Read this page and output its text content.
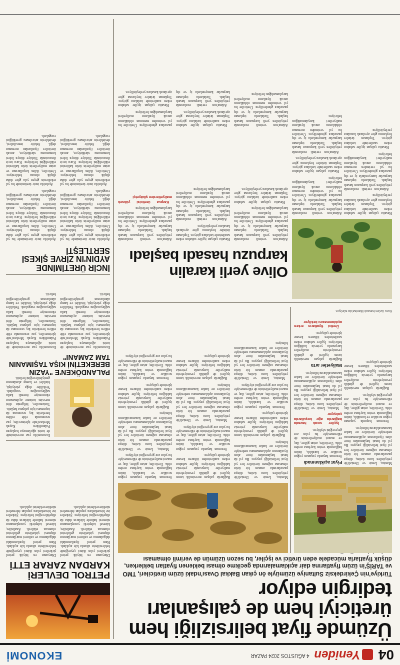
04
Yeniden
4 AĞUSTOS 2024 PAZAR
EKONOMİ
Üzümde fiyat belirsizliği hem üreticiyi hem de çalışanları tedirgin ediyor
Türkiye'nin Çekirdeksiz Sultaniye üzümüyle ön çıkan Bakkal Ovası'ndaki üzüm üreticileri, TMO ve TARİŞ'in üzüm fiyatlarına dair açıklamalarında gecikme olması beklenen fiyatları beklerken, düşük fiyatlarla mücadele eden üretici ve işçiler, bu sezon üzümün de verimli olmaması

Manisa, İzmir ve Denizli'de yetiştirilen kuru üzüm, dünya pazarlarında aranan bir ürün olmasına rağmen üreticiler her yıl fiyat belirsizliği yaşıyor. Bu yıl da hasat başlamadan önce alım fiyatlarının açıklanmaması nedeniyle üreticiler ne kadar kazanacaklarını bilmiyor.

Sezonun başında yaşanan yoğun sıcaklar ve kuraklık, üzüm bağlarında verim kaybına neden oldu. Üreticiler, artan gübre, ilaç ve mazot maliyetlerinin de eklenmesiyle bu yılın zor geçeceğini söylüyor.

Bağlarda çalışan mevsimlik tarım işçileri de günlük yevmiyelerin maliyetler karşısında yetersiz kaldığını belirtiyor. İşçiler sabahın erken saatlerinden itibaren kesme işlerinde çalışıyor.

Fiyat açıklanmadı

Sezonun başında yaşanan yoğun sıcaklar ve kuraklık, üzüm bağlarında verim kaybına neden oldu. Üreticiler, artan gübre, ilaç ve mazot maliyetlerinin de eklenmesiyle bu yılın zor geçeceğini söylüyor.

İşçiler sıcak havada bağlarda ağır koşullarda çalışıyor

Manisa, İzmir ve Denizli'de yetiştirilen kuru üzüm, dünya pazarlarında aranan bir ürün olmasına rağmen üreticiler her yıl fiyat belirsizliği yaşıyor. Bu yıl da hasat başlamadan önce alım fiyatlarının açıklanmaması nedeniyle üreticiler ne kadar kazanacaklarını bilmiyor.

Maliyetler arttı

Bağlarda çalışan mevsimlik tarım işçileri de günlük yevmiyelerin maliyetler karşısında yetersiz kaldığını belirtiyor. İşçiler sabahın erken saatlerinden itibaren kesme işlerinde çalışıyor.

Üretici fiyatların erken açıklanmasını bekliyor

Kuru üzüm hasadı Manisa'da sürüyor.

Manisa, İzmir ve Denizli'de yetiştirilen kuru üzüm, dünya pazarlarında aranan bir ürün olmasına rağmen üreticiler her yıl fiyat belirsizliği yaşıyor. Bu yıl da hasat başlamadan önce alım fiyatlarının açıklanmaması nedeniyle üreticiler ne kadar kazanacaklarını bilmiyor.

Bağlarda çalışan mevsimlik tarım işçileri de günlük yevmiyelerin maliyetler karşısında yetersiz kaldığını belirtiyor. İşçiler sabahın erken saatlerinden itibaren kesme işlerinde çalışıyor.

Sezonun başında yaşanan yoğun sıcaklar ve kuraklık, üzüm bağlarında verim kaybına neden oldu. Üreticiler, artan gübre, ilaç ve mazot maliyetlerinin de eklenmesiyle bu yılın zor geçeceğini söylüyor.

Manisa, İzmir ve Denizli'de yetiştirilen kuru üzüm, dünya pazarlarında aranan bir ürün olmasına rağmen üreticiler her yıl fiyat belirsizliği yaşıyor. Bu yıl da hasat başlamadan önce alım fiyatlarının açıklanmaması nedeniyle üreticiler ne kadar kazanacaklarını bilmiyor.

Bağlarda çalışan mevsimlik tarım işçileri de günlük yevmiyelerin maliyetler karşısında yetersiz kaldığını belirtiyor. İşçiler sabahın erken saatlerinden itibaren kesme işlerinde çalışıyor.

Sezonun başında yaşanan yoğun sıcaklar ve kuraklık, üzüm bağlarında verim kaybına neden oldu. Üreticiler, artan gübre, ilaç ve mazot maliyetlerinin de eklenmesiyle bu yılın zor geçeceğini söylüyor.

Manisa, İzmir ve Denizli'de yetiştirilen kuru üzüm, dünya pazarlarında aranan bir ürün olmasına rağmen üreticiler her yıl fiyat belirsizliği yaşıyor. Bu yıl da hasat başlamadan önce alım fiyatlarının açıklanmaması nedeniyle üreticiler ne kadar kazanacaklarını bilmiyor.

Bağlarda çalışan mevsimlik tarım işçileri de günlük yevmiyelerin maliyetler karşısında yetersiz kaldığını belirtiyor. İşçiler sabahın erken saatlerinden itibaren kesme işlerinde çalışıyor.

Sezonun başında yaşanan yoğun sıcaklar ve kuraklık, üzüm bağlarında verim kaybına neden oldu. Üreticiler, artan gübre, ilaç ve mazot maliyetlerinin de eklenmesiyle bu yılın zor geçeceğini söylüyor.

Manisa, İzmir ve Denizli'de yetiştirilen kuru üzüm, dünya pazarlarında aranan bir ürün olmasına rağmen üreticiler her yıl fiyat belirsizliği yaşıyor. Bu yıl da hasat başlamadan önce alım fiyatlarının açıklanmaması nedeniyle üreticiler ne kadar kazanacaklarını bilmiyor.

Bağlarda çalışan mevsimlik tarım işçileri de günlük yevmiyelerin maliyetler karşısında yetersiz kaldığını belirtiyor. İşçiler sabahın erken saatlerinden itibaren kesme işlerinde çalışıyor.

Sezonun başında yaşanan yoğun sıcaklar ve kuraklık, üzüm bağlarında verim kaybına neden oldu. Üreticiler, artan gübre, ilaç ve mazot maliyetlerinin de eklenmesiyle bu yılın zor geçeceğini söylüyor.

PETROL DEVLERİ KARDAN ZARAR ETTİ

Dünyanın en büyük petrol şirketleri yılın ikinci çeyreğinde beklentilerin altında kâr açıkladı. Ham petrol fiyatlarındaki dalgalanma ve rafineri marjlarının düşmesi şirketlerin gelirlerini olumsuz etkiledi. Analistler, küresel talepteki yavaşlamanın sürmesi halinde kârların daha da düşebileceğini belirtiyor. Şirketler ise hissedarlara yapılan ödemeleri sürdüreceklerini açıkladı.

Dünyanın en büyük petrol şirketleri yılın ikinci çeyreğinde beklentilerin altında kâr açıkladı. Ham petrol fiyatlarındaki dalgalanma ve rafineri marjlarının düşmesi şirketlerin gelirlerini olumsuz etkiledi. Analistler, küresel talepteki yavaşlamanın sürmesi halinde kârların daha da düşebileceğini belirtiyor. Şirketler ise hissedarlara yapılan ödemeleri sürdüreceklerini açıkladı.

PALANDÖKEN'E "YAZIN BEREKETİNİ KIŞA TAŞIMANIN TAM ZAMANI"

Erzurum'da yaz mevsiminde de turist ağırlamaya başlayan Palandöken Kayak Merkezi'nde işletmeciler, yaz sezonunda elde edilen bereketin kış sezonuna da taşınması için çalışma başlattı. Turizmciler, bölgenin dört mevsim turizme açılmasının ekonomiye önemli katkı sağlayacağını vurguladı. Yetkililer doğa yürüyüşü, bisiklet ve kamp alanlarının genişletileceğini belirtti.

Erzurum'da yaz mevsiminde de turist ağırlamaya başlayan Palandöken Kayak Merkezi'nde işletmeciler, yaz sezonunda elde edilen bereketin kış sezonuna da taşınması için çalışma başlattı. Turizmciler, bölgenin dört mevsim turizme açılmasının ekonomiye önemli katkı sağlayacağını vurguladı. Yetkililer doğa yürüyüşü, bisiklet ve kamp alanlarının genişletileceğini belirtti.

Erzurum'da yaz mevsiminde de turist ağırlamaya başlayan Palandöken Kayak Merkezi'nde işletmeciler, yaz sezonunda elde edilen bereketin kış sezonuna da taşınması için çalışma başlattı. Turizmciler, bölgenin dört mevsim turizme açılmasının ekonomiye önemli katkı sağlayacağını vurguladı. Yetkililer doğa yürüyüşü, bisiklet ve kamp alanlarının genişletileceğini belirtti.

Olive yerli karalin karpuzu hasadı başladı

Adana'nın verimli ovalarında yetiştirilen yerli karpuzun hasadı başladı. Tarlalarda toplanan karpuzlar kamyonlarla iç ve dış pazarlara gönderiliyor. Üreticiler bu yıl verimden memnun olduklarını ancak fiyatların maliyetleri karşılamadığını belirtiyor.

Hasatta çalışan işçiler sabahın erken saatlerinde tarlalara giriyor. Toplanan ürünler boylarına göre ayrılarak kasalara yerleştiriliyor.

Hasatta çalışan işçiler sabahın erken saatlerinde tarlalara giriyor. Toplanan ürünler boylarına göre ayrılarak kasalara yerleştiriliyor.

Adana'nın verimli ovalarında yetiştirilen yerli karpuzun hasadı başladı. Tarlalarda toplanan karpuzlar kamyonlarla iç ve dış pazarlara gönderiliyor. Üreticiler bu yıl verimden memnun olduklarını ancak fiyatların maliyetleri karşılamadığını belirtiyor.

Adana'nın verimli ovalarında yetiştirilen yerli karpuzun hasadı başladı. Tarlalarda toplanan karpuzlar kamyonlarla iç ve dış pazarlara gönderiliyor. Üreticiler bu yıl verimden memnun olduklarını ancak fiyatların maliyetleri karşılamadığını belirtiyor.

Karpuz üreticisi yüksek maliyetlerden şikâyetçi

Hasatta çalışan işçiler sabahın erken saatlerinde tarlalara giriyor. Toplanan ürünler boylarına göre ayrılarak kasalara yerleştiriliyor.

Adana'nın verimli ovalarında yetiştirilen yerli karpuzun hasadı başladı. Tarlalarda toplanan karpuzlar kamyonlarla iç ve dış pazarlara gönderiliyor. Üreticiler bu yıl verimden memnun olduklarını ancak fiyatların maliyetleri karşılamadığını belirtiyor.

Hasatta çalışan işçiler sabahın erken saatlerinde tarlalara giriyor. Toplanan ürünler boylarına göre ayrılarak kasalara yerleştiriliyor.

Adana'nın verimli ovalarında yetiştirilen yerli karpuzun hasadı başladı. Tarlalarda toplanan karpuzlar kamyonlarla iç ve dış pazarlara gönderiliyor. Üreticiler bu yıl verimden memnun olduklarını ancak fiyatların maliyetleri karşılamadığını belirtiyor.

Hasatta çalışan işçiler sabahın erken saatlerinde tarlalara giriyor. Toplanan ürünler boylarına göre ayrılarak kasalara yerleştiriliyor.

Adana'nın verimli ovalarında yetiştirilen yerli karpuzun hasadı başladı. Tarlalarda toplanan karpuzlar kamyonlarla iç ve dış pazarlara gönderiliyor. Üreticiler bu yıl verimden memnun olduklarını ancak fiyatların maliyetleri karşılamadığını belirtiyor.

Adana'nın verimli ovalarında yetiştirilen yerli karpuzun hasadı başladı. Tarlalarda toplanan karpuzlar kamyonlarla iç ve dış pazarlara gönderiliyor. Üreticiler bu yıl verimden memnun olduklarını ancak fiyatların maliyetleri karşılamadığını belirtiyor.

Hasatta çalışan işçiler sabahın erken saatlerinde tarlalara giriyor. Toplanan ürünler boylarına göre ayrılarak kasalara yerleştiriliyor.

Adana'nın verimli ovalarında yetiştirilen yerli karpuzun hasadı başladı. Tarlalarda toplanan karpuzlar kamyonlarla iç ve dış pazarlara gönderiliyor. Üreticiler bu yıl verimden memnun olduklarını ancak fiyatların maliyetleri karşılamadığını belirtiyor.

Hasatta çalışan işçiler sabahın erken saatlerinde tarlalara giriyor. Toplanan ürünler boylarına göre ayrılarak kasalara yerleştiriliyor.

İNCİR ÜRETİMİNDE AYDIN'IN ZİRVE ŞİKESİ SERTLEŞTİ

Aydın'da incir üretiminde bu yıl rekoltenin geçen yıla göre daha düşük olması bekleniyor. Üreticiler, iklim koşullarının ve artan maliyetlerin ürün kalitesini etkilediğini belirtiyor. Kuru incir ihracatında Türkiye dünya lideri konumunu sürdürüyor, ancak üreticiler fiyatlardan memnun değil. Sektör temsilcileri, desteklerin artırılması gerektiğini vurguladı.

Aydın'da incir üretiminde bu yıl rekoltenin geçen yıla göre daha düşük olması bekleniyor. Üreticiler, iklim koşullarının ve artan maliyetlerin ürün kalitesini etkilediğini belirtiyor. Kuru incir ihracatında Türkiye dünya lideri konumunu sürdürüyor, ancak üreticiler fiyatlardan memnun değil. Sektör temsilcileri, desteklerin artırılması gerektiğini vurguladı.

Aydın'da incir üretiminde bu yıl rekoltenin geçen yıla göre daha düşük olması bekleniyor. Üreticiler, iklim koşullarının ve artan maliyetlerin ürün kalitesini etkilediğini belirtiyor. Kuru incir ihracatında Türkiye dünya lideri konumunu sürdürüyor, ancak üreticiler fiyatlardan memnun değil. Sektör temsilcileri, desteklerin artırılması gerektiğini vurguladı.

Aydın'da incir üretiminde bu yıl rekoltenin geçen yıla göre daha düşük olması bekleniyor. Üreticiler, iklim koşullarının ve artan maliyetlerin ürün kalitesini etkilediğini belirtiyor. Kuru incir ihracatında Türkiye dünya lideri konumunu sürdürüyor, ancak üreticiler fiyatlardan memnun değil. Sektör temsilcileri, desteklerin artırılması gerektiğini vurguladı.
